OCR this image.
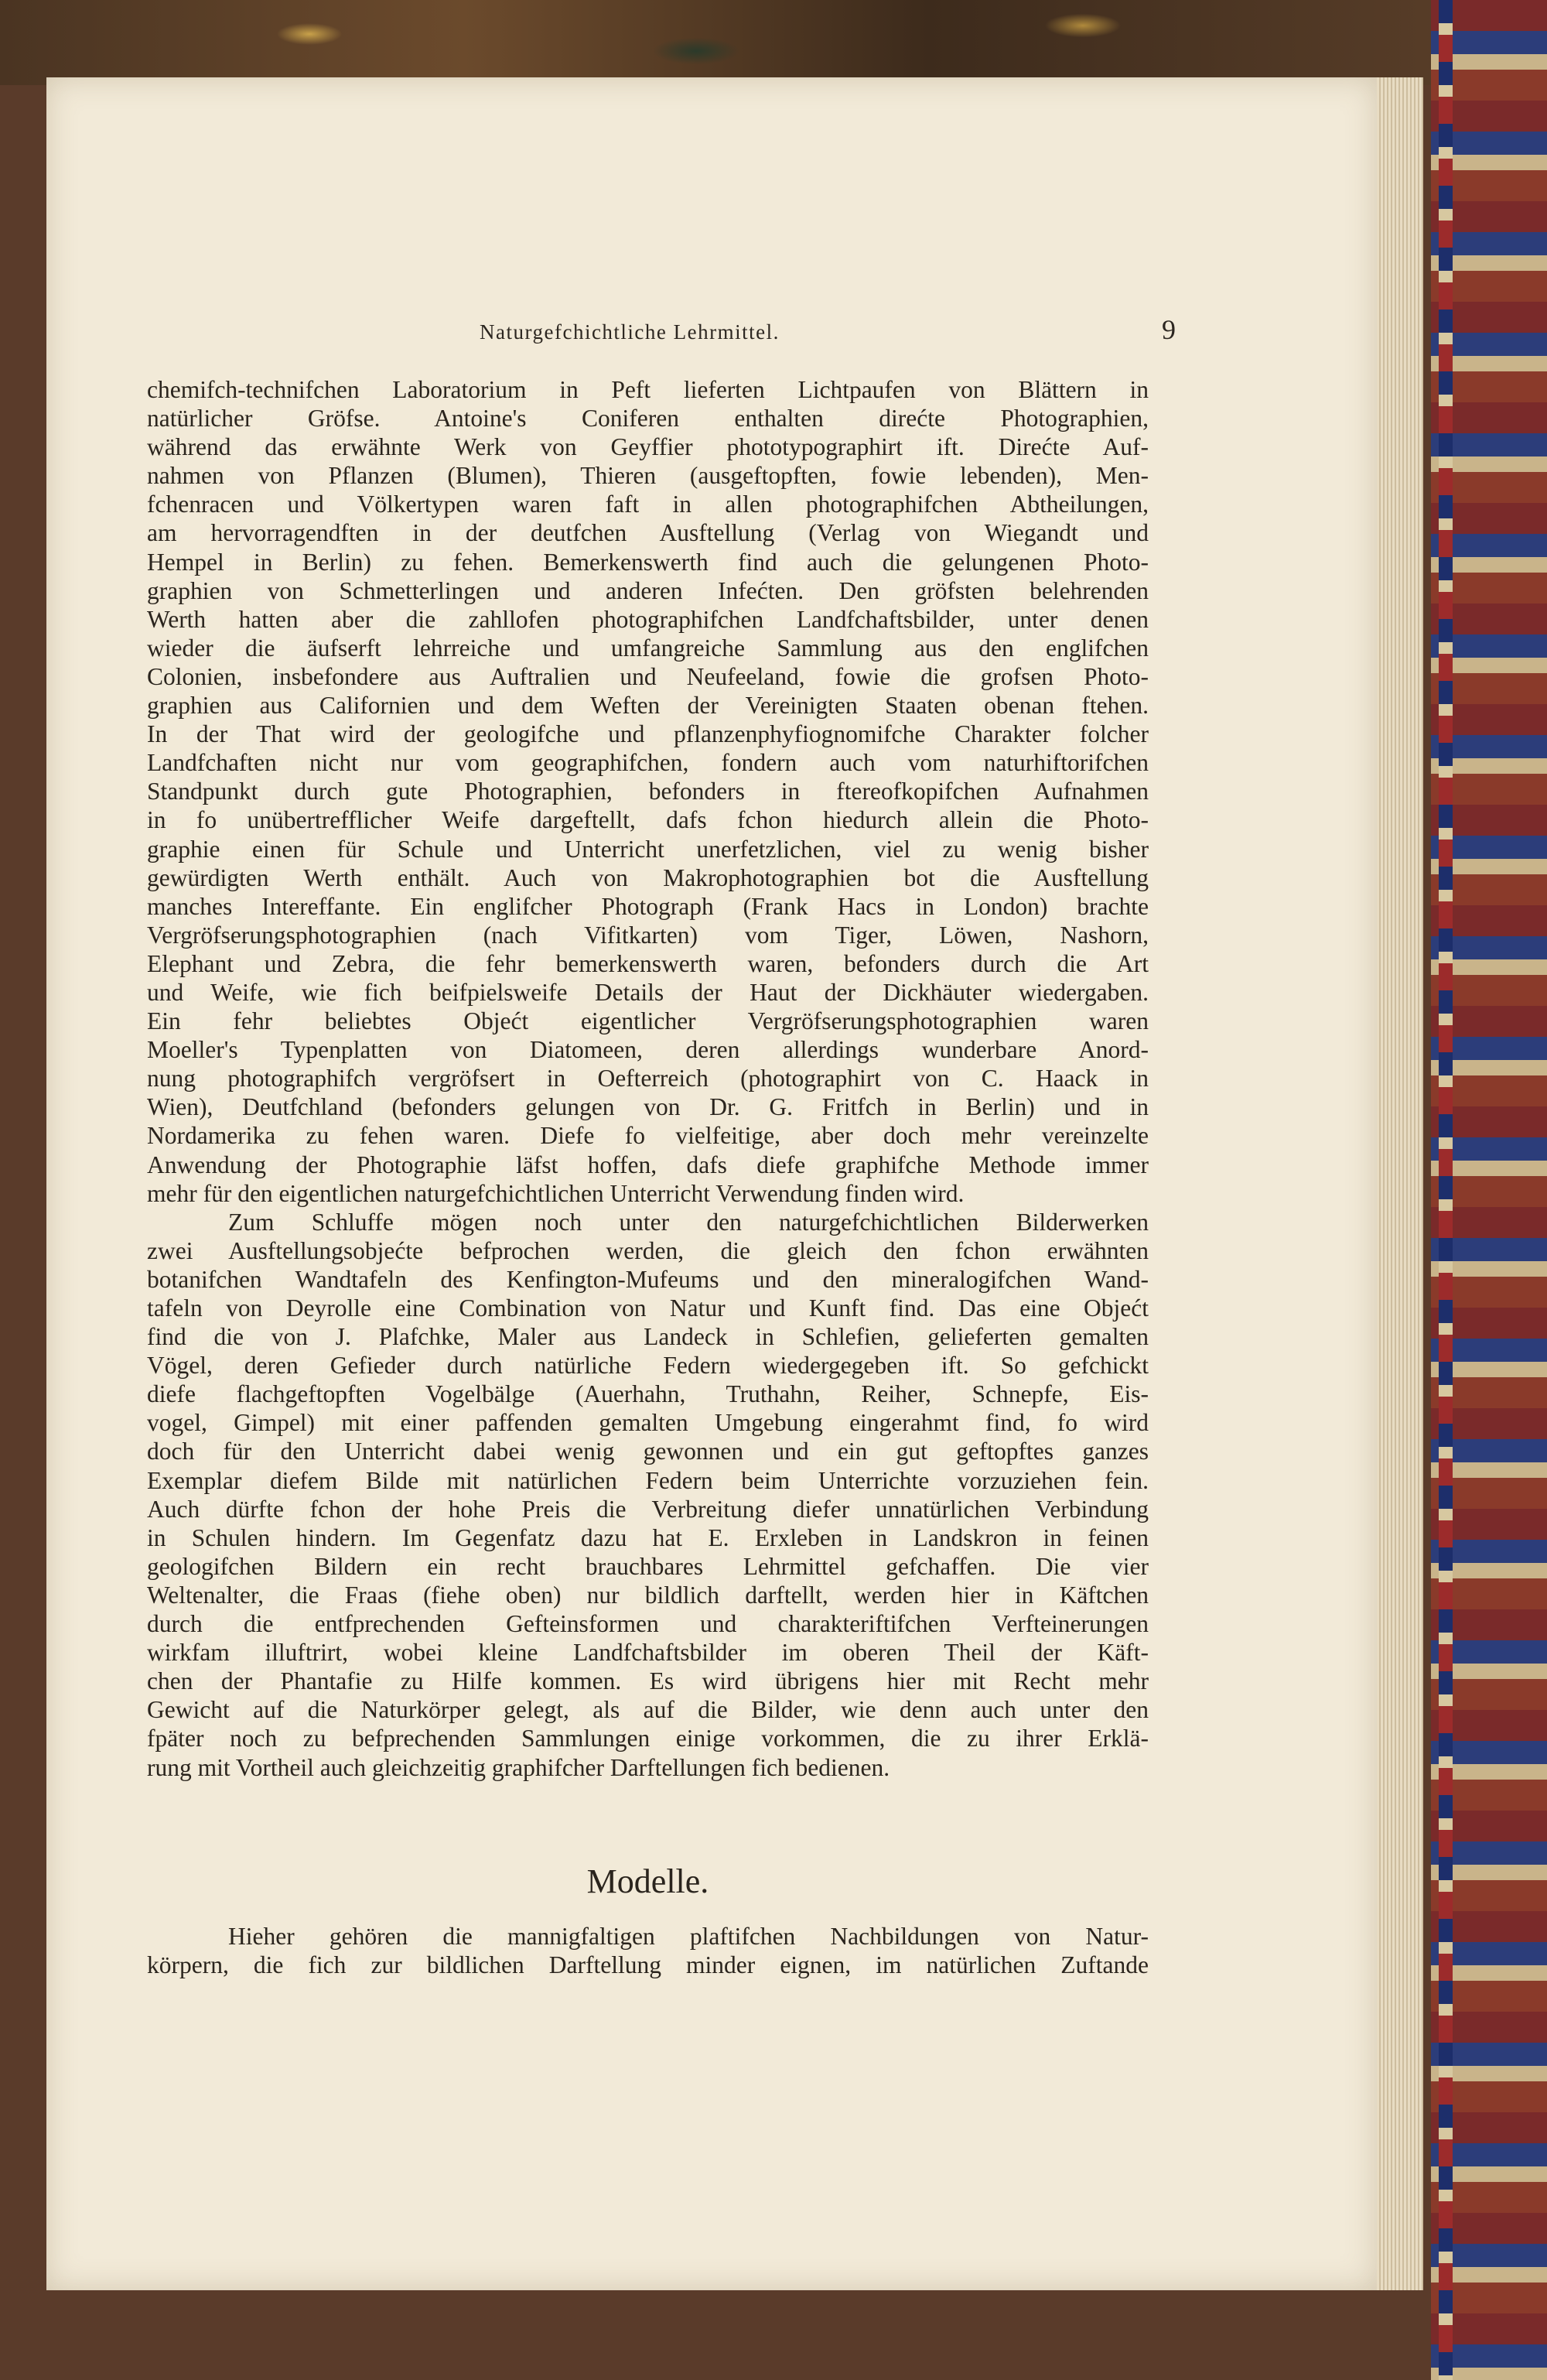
Naturgefchichtliche Lehrmittel.	9
chemifch-technifchen Laboratorium in Peft lieferten Lichtpaufen von Blättern in
natürlicher Gröfse. Antoine's Coniferen enthalten direćte Photographien,
während das erwähnte Werk von Geyffier phototypographirt ift. Direćte Auf-
nahmen von Pflanzen (Blumen), Thieren (ausgeftopften, fowie lebenden), Men-
fchenracen und Völkertypen waren faft in allen photographifchen Abtheilungen,
am hervorragendften in der deutfchen Ausftellung (Verlag von Wiegandt und
Hempel in Berlin) zu fehen. Bemerkenswerth find auch die gelungenen Photo-
graphien von Schmetterlingen und anderen Infećten. Den gröfsten belehrenden
Werth hatten aber die zahllofen photographifchen Landfchaftsbilder, unter denen
wieder die äufserft lehrreiche und umfangreiche Sammlung aus den englifchen
Colonien, insbefondere aus Auftralien und Neufeeland, fowie die grofsen Photo-
graphien aus Californien und dem Weften der Vereinigten Staaten obenan ftehen.
In der That wird der geologifche und pflanzenphyfiognomifche Charakter folcher
Landfchaften nicht nur vom geographifchen, fondern auch vom naturhiftorifchen
Standpunkt durch gute Photographien, befonders in ftereofkopifchen Aufnahmen
in fo unübertrefflicher Weife dargeftellt, dafs fchon hiedurch allein die Photo-
graphie einen für Schule und Unterricht unerfetzlichen, viel zu wenig bisher
gewürdigten Werth enthält. Auch von Makrophotographien bot die Ausftellung
manches Intereffante. Ein englifcher Photograph (Frank Hacs in London) brachte
Vergröfserungsphotographien (nach Vifitkarten) vom Tiger, Löwen, Nashorn,
Elephant und Zebra, die fehr bemerkenswerth waren, befonders durch die Art
und Weife, wie fich beifpielsweife Details der Haut der Dickhäuter wiedergaben.
Ein fehr beliebtes Objećt eigentlicher Vergröfserungsphotographien waren
Moeller's Typenplatten von Diatomeen, deren allerdings wunderbare Anord-
nung photographifch vergröfsert in Oefterreich (photographirt von C. Haack in
Wien), Deutfchland (befonders gelungen von Dr. G. Fritfch in Berlin) und in
Nordamerika zu fehen waren. Diefe fo vielfeitige, aber doch mehr vereinzelte
Anwendung der Photographie läfst hoffen, dafs diefe graphifche Methode immer
mehr für den eigentlichen naturgefchichtlichen Unterricht Verwendung finden wird.
Zum Schluffe mögen noch unter den naturgefchichtlichen Bilderwerken
zwei Ausftellungsobjećte befprochen werden, die gleich den fchon erwähnten
botanifchen Wandtafeln des Kenfington-Mufeums und den mineralogifchen Wand-
tafeln von Deyrolle eine Combination von Natur und Kunft find. Das eine Objećt
find die von J. Plafchke, Maler aus Landeck in Schlefien, gelieferten gemalten
Vögel, deren Gefieder durch natürliche Federn wiedergegeben ift. So gefchickt
diefe flachgeftopften Vogelbälge (Auerhahn, Truthahn, Reiher, Schnepfe, Eis-
vogel, Gimpel) mit einer paffenden gemalten Umgebung eingerahmt find, fo wird
doch für den Unterricht dabei wenig gewonnen und ein gut geftopftes ganzes
Exemplar diefem Bilde mit natürlichen Federn beim Unterrichte vorzuziehen fein.
Auch dürfte fchon der hohe Preis die Verbreitung diefer unnatürlichen Verbindung
in Schulen hindern. Im Gegenfatz dazu hat E. Erxleben in Landskron in feinen
geologifchen Bildern ein recht brauchbares Lehrmittel gefchaffen. Die vier
Weltenalter, die Fraas (fiehe oben) nur bildlich darftellt, werden hier in Käftchen
durch die entfprechenden Gefteinsformen und charakteriftifchen Verfteinerungen
wirkfam illuftrirt, wobei kleine Landfchaftsbilder im oberen Theil der Käft-
chen der Phantafie zu Hilfe kommen. Es wird übrigens hier mit Recht mehr
Gewicht auf die Naturkörper gelegt, als auf die Bilder, wie denn auch unter den
fpäter noch zu befprechenden Sammlungen einige vorkommen, die zu ihrer Erklä-
rung mit Vortheil auch gleichzeitig graphifcher Darftellungen fich bedienen.
Modelle.
Hieher gehören die mannigfaltigen plaftifchen Nachbildungen von Natur-
körpern, die fich zur bildlichen Darftellung minder eignen, im natürlichen Zuftande
